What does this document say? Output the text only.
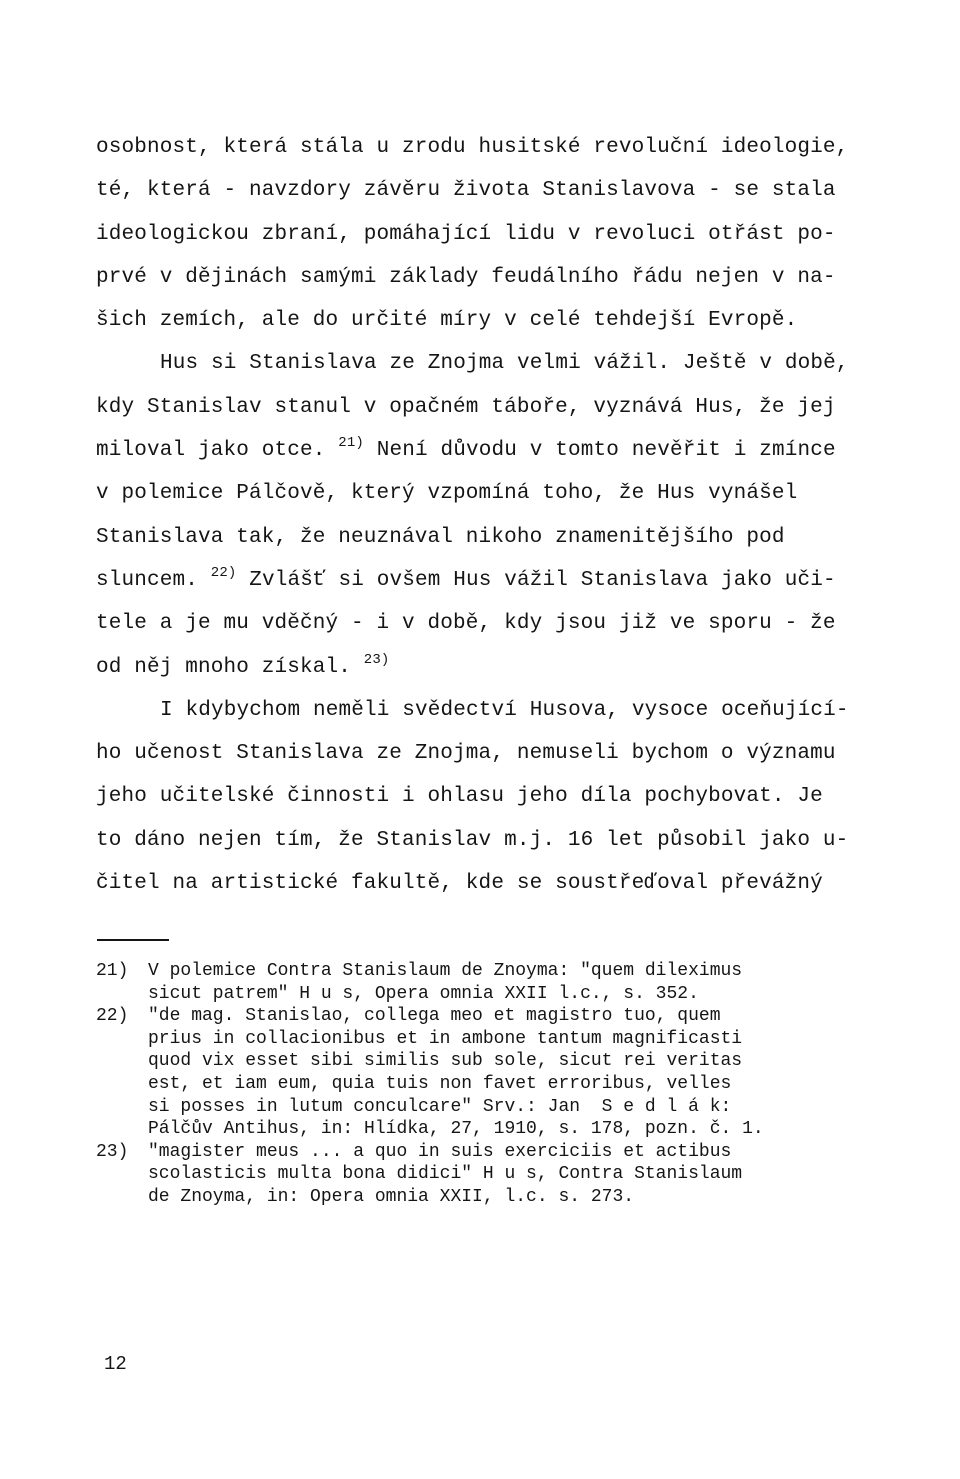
osobnost, která stála u zrodu husitské revoluční ideologie,
té, která - navzdory závěru života Stanislavova - se stala
ideologickou zbraní, pomáhající lidu v revoluci otřást po-
prvé v dějinách samými základy feudálního řádu nejen v na-
šich zemích, ale do určité míry v celé tehdejší Evropě.
Hus si Stanislava ze Znojma velmi vážil. Ještě v době,
kdy Stanislav stanul v opačném táboře, vyznává Hus, že jej
miloval jako otce. $^{21)}$ Není důvodu v tomto nevěřit i zmínce
v polemice Pálčově, který vzpomíná toho, že Hus vynášel
Stanislava tak, že neuznával nikoho znamenitějšího pod
sluncem. $^{22)}$ Zvlášť si ovšem Hus vážil Stanislava jako uči-
tele a je mu vděčný - i v době, kdy jsou již ve sporu - že
od něj mnoho získal. $^{23)}$
I kdybychom neměli svědectví Husova, vysoce oceňující-
ho učenost Stanislava ze Znojma, nemuseli bychom o významu
jeho učitelské činnosti i ohlasu jeho díla pochybovat. Je
to dáno nejen tím, že Stanislav m.j. 16 let působil jako u-
čitel na artistické fakultě, kde se soustřeďoval převážný
21) V polemice Contra Stanislaum de Znoyma: "quem dileximus
sicut patrem" H u s, Opera omnia XXII l.c., s. 352.
22) "de mag. Stanislao, collega meo et magistro tuo, quem
prius in collacionibus et in ambone tantum magnificasti
quod vix esset sibi similis sub sole, sicut rei veritas
est, et iam eum, quia tuis non favet erroribus, velles
si posses in lutum conculcare" Srv.: Jan  S e d l á k:
Pálčův Antihus, in: Hlídka, 27, 1910, s. 178, pozn. č. 1.
23) "magister meus ... a quo in suis exerciciis et actibus
scolasticis multa bona didici" H u s, Contra Stanislaum
de Znoyma, in: Opera omnia XXII, l.c. s. 273.
12
